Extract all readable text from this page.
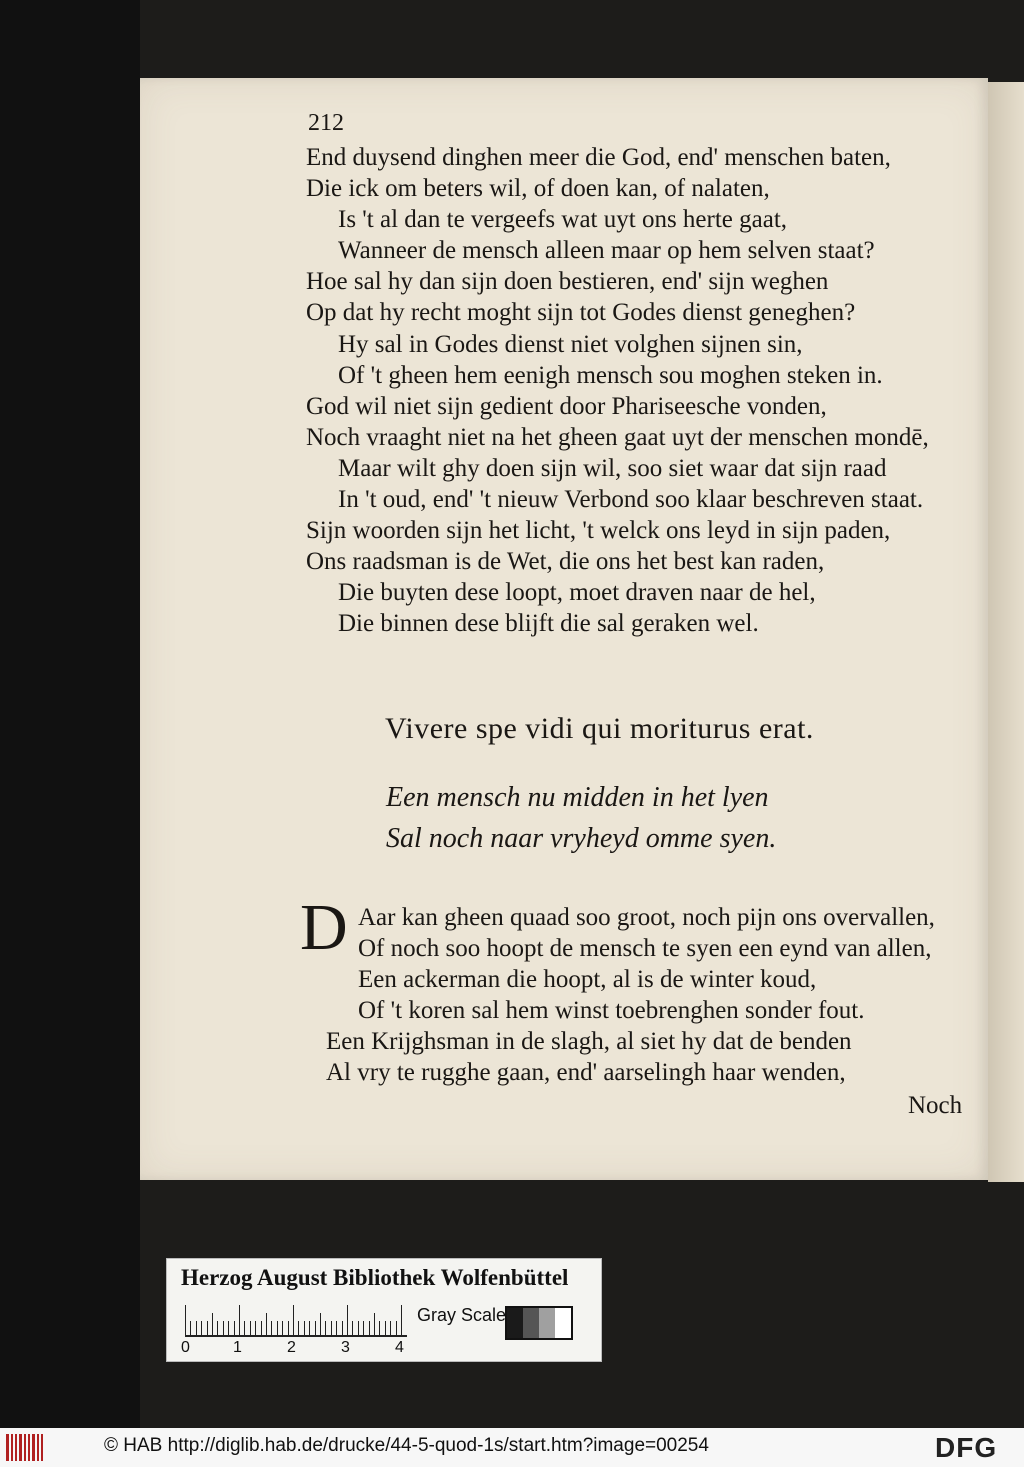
212
End duysend dinghen meer die God, end' menschen baten,
Die ick om beters wil, of doen kan, of nalaten,
Is 't al dan te vergeefs wat uyt ons herte gaat,
Wanneer de mensch alleen maar op hem selven staat?
Hoe sal hy dan sijn doen bestieren, end' sijn weghen
Op dat hy recht moght sijn tot Godes dienst geneghen?
Hy sal in Godes dienst niet volghen sijnen sin,
Of 't gheen hem eenigh mensch sou moghen steken in.
God wil niet sijn gedient door Phariseesche vonden,
Noch vraaght niet na het gheen gaat uyt der menschen mondē,
Maar wilt ghy doen sijn wil, soo siet waar dat sijn raad
In 't oud, end' 't nieuw Verbond soo klaar beschreven staat.
Sijn woorden sijn het licht, 't welck ons leyd in sijn paden,
Ons raadsman is de Wet, die ons het best kan raden,
Die buyten dese loopt, moet draven naar de hel,
Die binnen dese blijft die sal geraken wel.
Vivere spe vidi qui moriturus erat.
Een mensch nu midden in het lyen
Sal noch naar vryheyd omme syen.
D Aar kan gheen quaad soo groot, noch pijn ons overvallen,
Of noch soo hoopt de mensch te syen een eynd van allen,
Een ackerman die hoopt, al is de winter koud,
Of 't koren sal hem winst toebrenghen sonder fout.
Een Krijghsman in de slagh, al siet hy dat de benden
Al vry te rugghe gaan, end' aarselingh haar wenden,
Noch
Herzog August Bibliothek Wolfenbüttel
0	1	2	3	4
Gray Scale
© HAB http://diglib.hab.de/drucke/44-5-quod-1s/start.htm?image=00254	DFG
